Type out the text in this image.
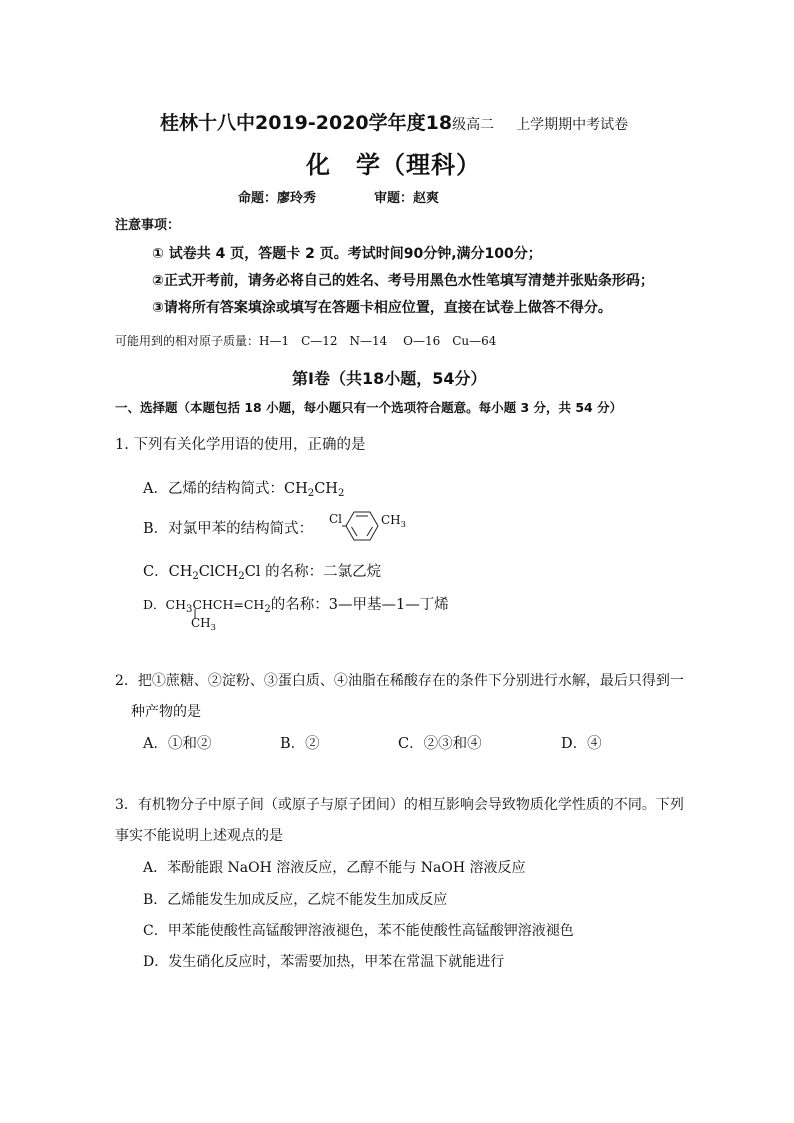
桂林十八中2019-2020学年度18级高二 上学期期中考试卷
化　学（理科）
命题：廖玲秀	审题：赵爽
注意事项：
① 试卷共 4 页，答题卡 2 页。考试时间90分钟,满分100分；
②正式开考前，请务必将自己的姓名、考号用黑色水性笔填写清楚并张贴条形码；
③请将所有答案填涂或填写在答题卡相应位置，直接在试卷上做答不得分。
可能用到的相对原子质量：H—1　C—12　N—14　 O—16　Cu—64
第Ⅰ卷（共18小题，54分）
一、选择题（本题包括 18 小题，每小题只有一个选项符合题意。每小题 3 分，共 54 分）
1. 下列有关化学用语的使用，正确的是
A．乙烯的结构简式：$CH_2CH_2$
B．对氯甲苯的结构简式：
Cl	$CH_3$
C．$CH_2ClCH_2Cl$ 的名称：二氯乙烷
D．$CH_3CHCH=CH_2$的名称：3—甲基—1—丁烯
$CH_3$
2．把①蔗糖、②淀粉、③蛋白质、④油脂在稀酸存在的条件下分别进行水解，最后只得到一
种产物的是
A．①和②	B．②	C．②③和④	D．④
3．有机物分子中原子间（或原子与原子团间）的相互影响会导致物质化学性质的不同。下列
事实不能说明上述观点的是
A．苯酚能跟 NaOH 溶液反应，乙醇不能与 NaOH 溶液反应
B．乙烯能发生加成反应，乙烷不能发生加成反应
C．甲苯能使酸性高锰酸钾溶液褪色，苯不能使酸性高锰酸钾溶液褪色
D．发生硝化反应时，苯需要加热，甲苯在常温下就能进行
